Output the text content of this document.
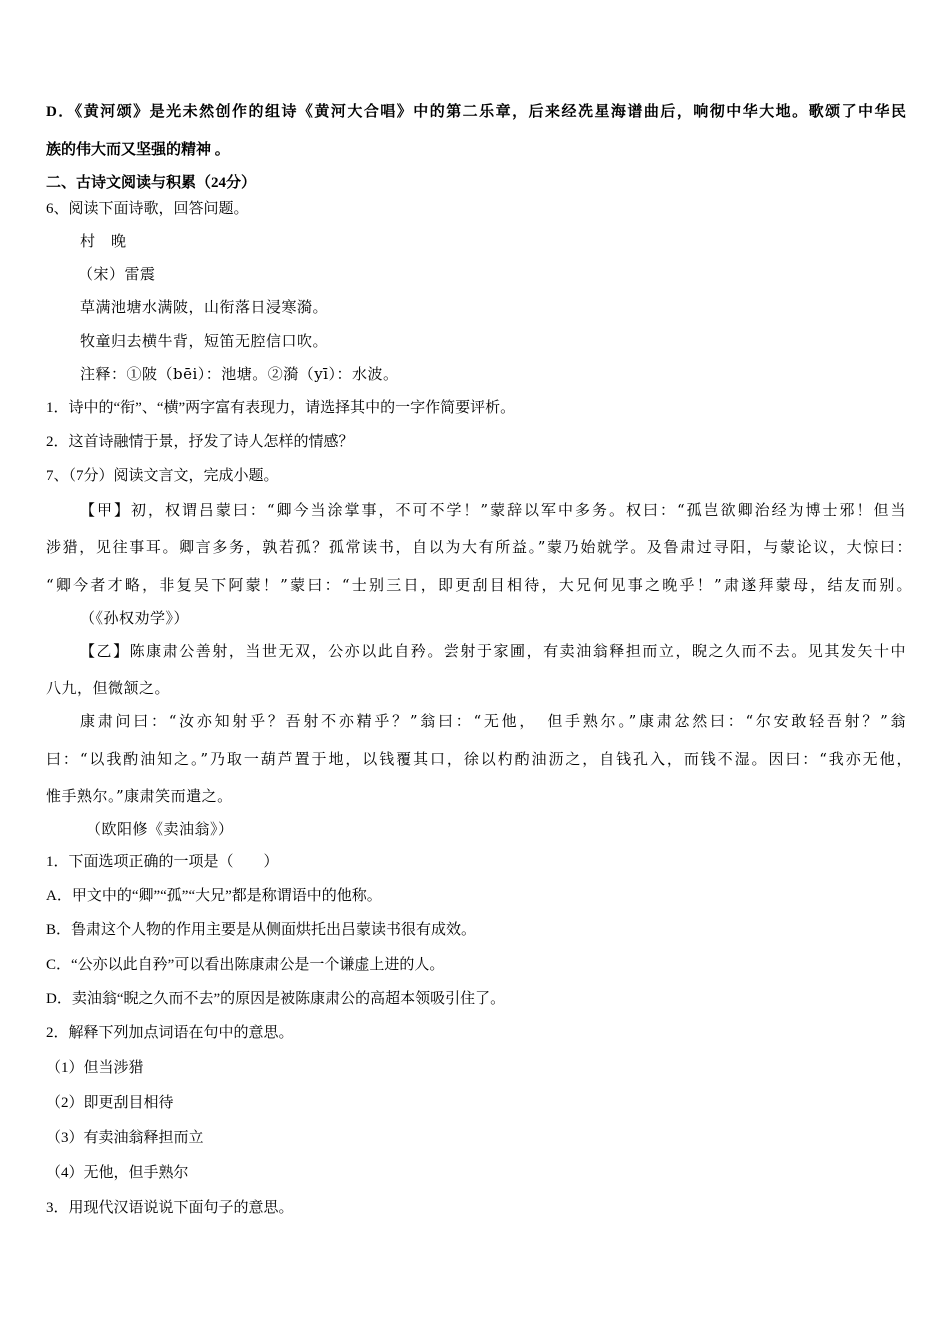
D．《黄河颂》是光未然创作的组诗《黄河大合唱》中的第二乐章，后来经冼星海谱曲后，响彻中华大地。歌颂了中华民
族的伟大而又坚强的精神 。
二、古诗文阅读与积累（24分）
6、阅读下面诗歌，回答问题。
村　晚
（宋）雷震
草满池塘水满陂，山衔落日浸寒漪。
牧童归去横牛背，短笛无腔信口吹。
注释：①陂（bēi）：池塘。②漪（yī）：水波。
1．诗中的“衔”、“横”两字富有表现力，请选择其中的一字作简要评析。
2．这首诗融情于景，抒发了诗人怎样的情感？
7、（7分）阅读文言文，完成小题。
【甲】初，权谓吕蒙曰：“卿今当涂掌事，不可不学！”蒙辞以军中多务。权曰：“孤岂欲卿治经为博士邪！但当
涉猎，见往事耳。卿言多务，孰若孤？孤常读书，自以为大有所益。”蒙乃始就学。及鲁肃过寻阳，与蒙论议，大惊曰：
“卿今者才略，非复吴下阿蒙！”蒙曰：“士别三日，即更刮目相待，大兄何见事之晚乎！”肃遂拜蒙母，结友而别。
（《孙权劝学》）
【乙】陈康肃公善射，当世无双，公亦以此自矜。尝射于家圃，有卖油翁释担而立，睨之久而不去。见其发矢十中
八九，但微颔之。
康肃问曰：“汝亦知射乎？吾射不亦精乎？”翁曰：“无他，　但手熟尔。”康肃忿然曰：“尔安敢轻吾射？”翁
曰：“以我酌油知之。”乃取一葫芦置于地，以钱覆其口，徐以杓酌油沥之，自钱孔入，而钱不湿。因曰：“我亦无他，
惟手熟尔。”康肃笑而遣之。
（欧阳修《卖油翁》）
1．下面选项正确的一项是（　　）
A．甲文中的“卿”“孤”“大兄”都是称谓语中的他称。
B．鲁肃这个人物的作用主要是从侧面烘托出吕蒙读书很有成效。
C．“公亦以此自矜”可以看出陈康肃公是一个谦虚上进的人。
D．卖油翁“睨之久而不去”的原因是被陈康肃公的高超本领吸引住了。
2．解释下列加点词语在句中的意思。
（1）但当涉猎
（2）即更刮目相待
（3）有卖油翁释担而立
（4）无他，但手熟尔
3．用现代汉语说说下面句子的意思。
